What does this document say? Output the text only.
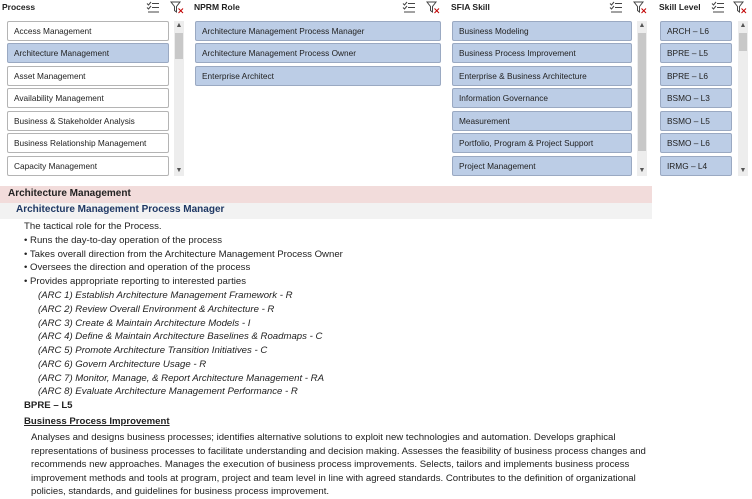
Process
Access Management
Architecture Management
Asset Management
Availability Management
Business & Stakeholder Analysis
Business Relationship Management
Capacity Management
▲
▼
NPRM Role
Architecture Management Process Manager
Architecture Management Process Owner
Enterprise Architect
SFIA Skill
Business Modeling
Business Process Improvement
Enterprise & Business Architecture
Information Governance
Measurement
Portfolio, Program & Project Support
Project Management
▲
▼
Skill Level
ARCH – L6
BPRE – L5
BPRE – L6
BSMO – L3
BSMO – L5
BSMO – L6
IRMG – L4
▲
▼
Architecture Management
Architecture Management Process Manager
The tactical role for the Process.
• Runs the day-to-day operation of the process
• Takes overall direction from the Architecture Management Process Owner
• Oversees the direction and operation of the process
• Provides appropriate reporting to interested parties
(ARC 1) Establish Architecture Management Framework - R
(ARC 2) Review Overall Environment & Architecture - R
(ARC 3) Create & Maintain Architecture Models - I
(ARC 4) Define & Maintain Architecture Baselines & Roadmaps - C
(ARC 5) Promote Architecture Transition Initiatives - C
(ARC 6) Govern Architecture Usage - R
(ARC 7) Monitor, Manage, & Report Architecture Management - RA
(ARC 8) Evaluate Architecture Management Performance - R
BPRE – L5
Business Process Improvement
Analyses and designs business processes; identifies alternative solutions to exploit new technologies and automation. Develops graphical representations of business processes to facilitate understanding and decision making. Assesses the feasibility of business process changes and recommends new approaches. Manages the execution of business process improvements. Selects, tailors and implements business process improvement methods and tools at program, project and team level in line with agreed standards. Contributes to the definition of organizational policies, standards, and guidelines for business process improvement.
